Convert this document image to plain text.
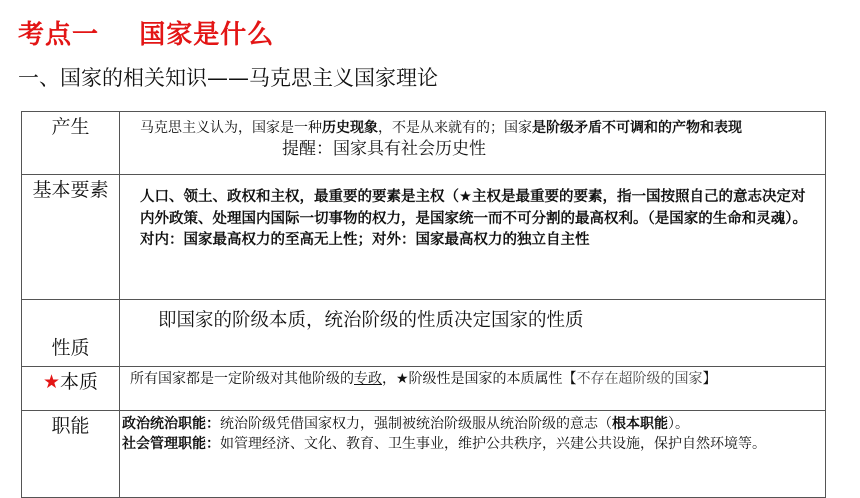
考点一    国家是什么
一、国家的相关知识——马克思主义国家理论
产生	马克思主义认为，国家是一种历史现象，不是从来就有的；国家是阶级矛盾不可调和的产物和表现提醒：国家具有社会历史性
基本要素	人口、领土、政权和主权，最重要的要素是主权（★主权是最重要的要素，指一国按照自己的意志决定对内外政策、处理国内国际一切事物的权力，是国家统一而不可分割的最高权利。（是国家的生命和灵魂）。
对内：国家最高权力的至高无上性；对外：国家最高权力的独立自主性

性质	即国家的阶级本质，统治阶级的性质决定国家的性质
★本质	所有国家都是一定阶级对其他阶级的专政，★阶级性是国家的本质属性【不存在超阶级的国家】
职能	政治统治职能：统治阶级凭借国家权力，强制被统治阶级服从统治阶级的意志（根本职能）。
社会管理职能：如管理经济、文化、教育、卫生事业，维护公共秩序，兴建公共设施，保护自然环境等。
